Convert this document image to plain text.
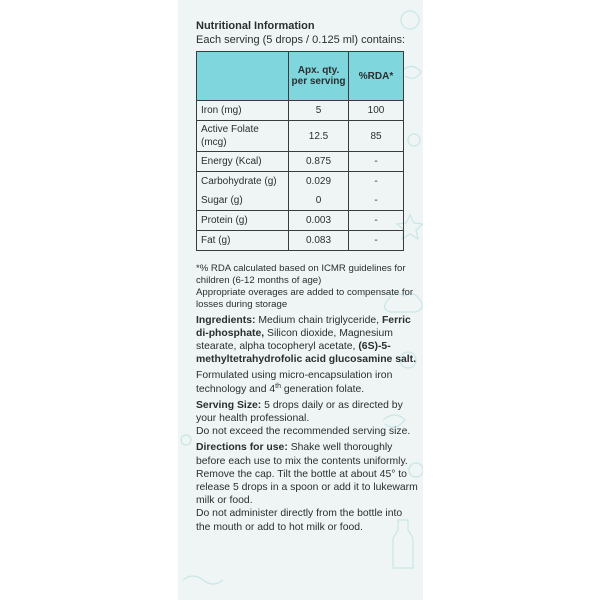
Nutritional Information
Each serving (5 drops / 0.125 ml) contains:
	Apx. qty. per serving	%RDA*
Iron (mg)	5	100
Active Folate (mcg)	12.5	85
Energy (Kcal)	0.875	-
Carbohydrate (g)	0.029	-
Sugar (g)	0	-
Protein (g)	0.003	-
Fat (g)	0.083	-
*% RDA calculated based on ICMR guidelines for children (6-12 months of age)
Appropriate overages are added to compensate for losses during storage
Ingredients: Medium chain triglyceride, Ferric di-phosphate, Silicon dioxide, Magnesium stearate, alpha tocopheryl acetate, (6S)-5-methyltetrahydrofolic acid glucosamine salt.
Formulated using micro-encapsulation iron technology and 4th generation folate.
Serving Size: 5 drops daily or as directed by your health professional.
Do not exceed the recommended serving size.
Directions for use: Shake well thoroughly before each use to mix the contents uniformly. Remove the cap. Tilt the bottle at about 45° to release 5 drops in a spoon or add it to lukewarm milk or food.
Do not administer directly from the bottle into the mouth or add to hot milk or food.
